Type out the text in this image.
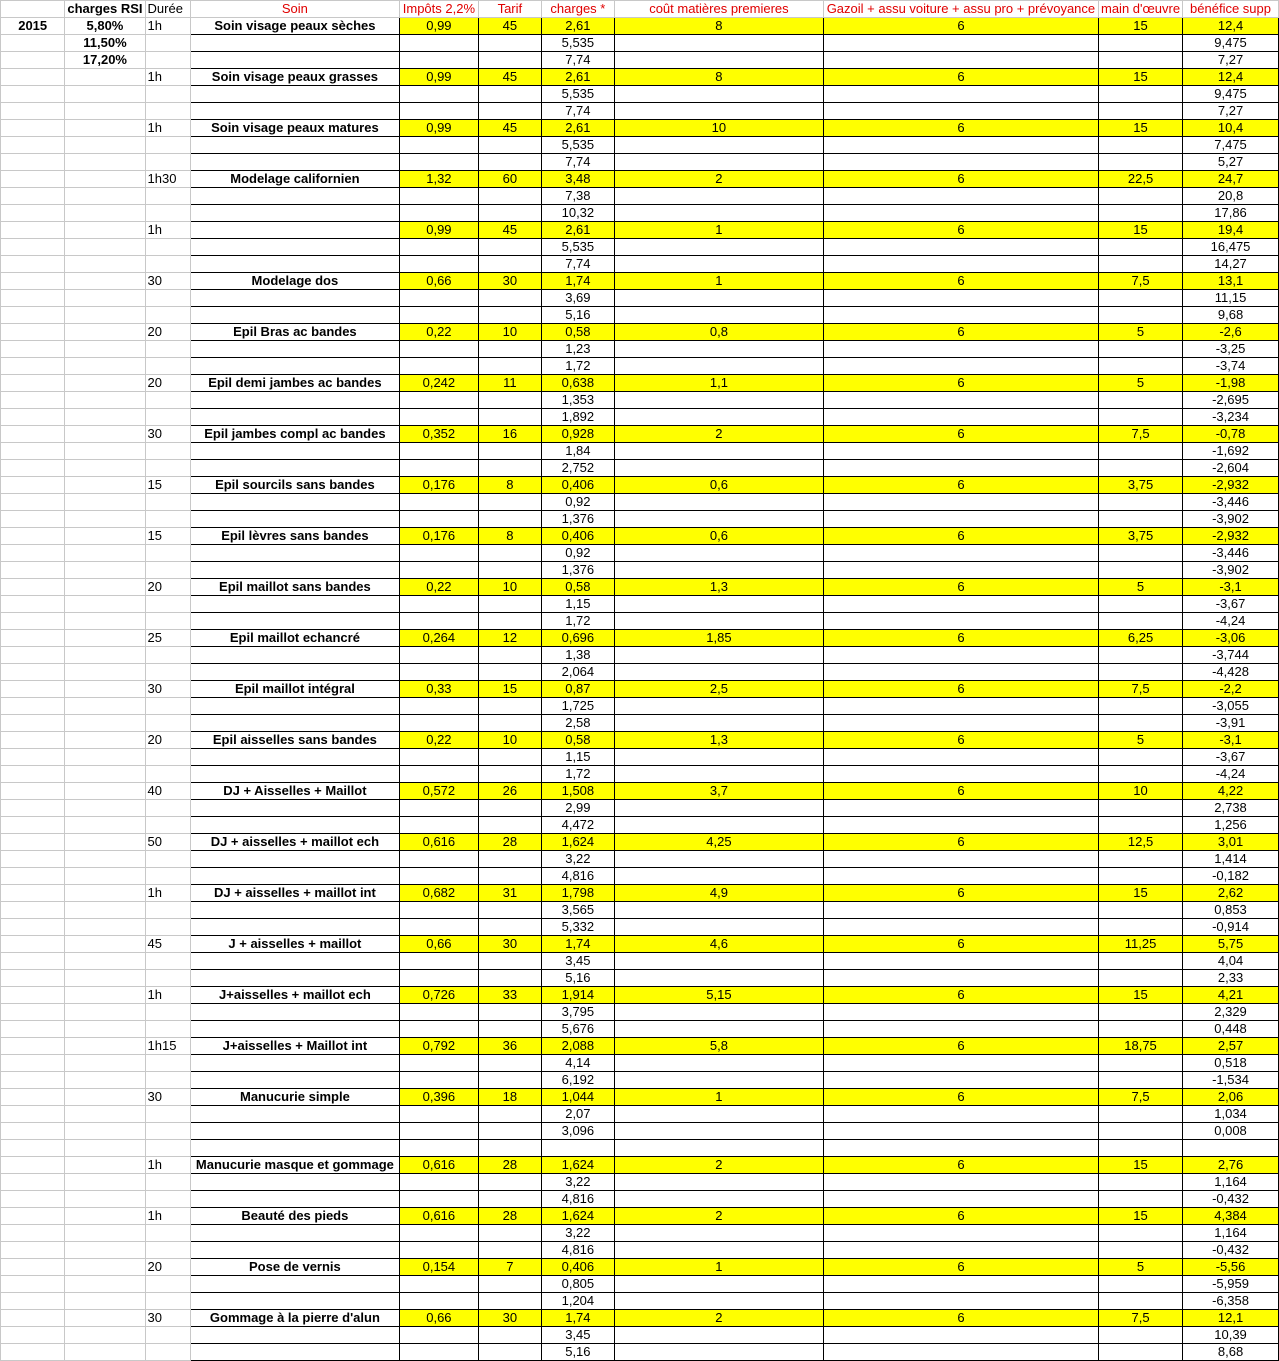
	charges RSI	Durée	Soin	Impôts 2,2%	Tarif	charges *	coût matières premieres	Gazoil + assu voiture + assu pro + prévoyance	main d'œuvre	bénéfice supp
2015	5,80%	1h	Soin visage peaux sèches	0,99	45	2,61	8	6	15	12,4
	11,50%					5,535				9,475
	17,20%					7,74				7,27
		1h	Soin visage peaux grasses	0,99	45	2,61	8	6	15	12,4
						5,535				9,475
						7,74				7,27
		1h	Soin visage peaux matures	0,99	45	2,61	10	6	15	10,4
						5,535				7,475
						7,74				5,27
		1h30	Modelage californien	1,32	60	3,48	2	6	22,5	24,7
						7,38				20,8
						10,32				17,86
		1h		0,99	45	2,61	1	6	15	19,4
						5,535				16,475
						7,74				14,27
		30	Modelage dos	0,66	30	1,74	1	6	7,5	13,1
						3,69				11,15
						5,16				9,68
		20	Epil Bras ac bandes	0,22	10	0,58	0,8	6	5	-2,6
						1,23				-3,25
						1,72				-3,74
		20	Epil demi jambes ac bandes	0,242	11	0,638	1,1	6	5	-1,98
						1,353				-2,695
						1,892				-3,234
		30	Epil jambes compl ac bandes	0,352	16	0,928	2	6	7,5	-0,78
						1,84				-1,692
						2,752				-2,604
		15	Epil sourcils sans bandes	0,176	8	0,406	0,6	6	3,75	-2,932
						0,92				-3,446
						1,376				-3,902
		15	Epil lèvres sans bandes	0,176	8	0,406	0,6	6	3,75	-2,932
						0,92				-3,446
						1,376				-3,902
		20	Epil maillot sans bandes	0,22	10	0,58	1,3	6	5	-3,1
						1,15				-3,67
						1,72				-4,24
		25	Epil maillot echancré	0,264	12	0,696	1,85	6	6,25	-3,06
						1,38				-3,744
						2,064				-4,428
		30	Epil maillot intégral	0,33	15	0,87	2,5	6	7,5	-2,2
						1,725				-3,055
						2,58				-3,91
		20	Epil aisselles sans bandes	0,22	10	0,58	1,3	6	5	-3,1
						1,15				-3,67
						1,72				-4,24
		40	DJ + Aisselles + Maillot	0,572	26	1,508	3,7	6	10	4,22
						2,99				2,738
						4,472				1,256
		50	DJ + aisselles + maillot ech	0,616	28	1,624	4,25	6	12,5	3,01
						3,22				1,414
						4,816				-0,182
		1h	DJ + aisselles + maillot int	0,682	31	1,798	4,9	6	15	2,62
						3,565				0,853
						5,332				-0,914
		45	J + aisselles + maillot	0,66	30	1,74	4,6	6	11,25	5,75
						3,45				4,04
						5,16				2,33
		1h	J+aisselles + maillot ech	0,726	33	1,914	5,15	6	15	4,21
						3,795				2,329
						5,676				0,448
		1h15	J+aisselles + Maillot int	0,792	36	2,088	5,8	6	18,75	2,57
						4,14				0,518
						6,192				-1,534
		30	Manucurie simple	0,396	18	1,044	1	6	7,5	2,06
						2,07				1,034
						3,096				0,008

		1h	Manucurie masque et gommage	0,616	28	1,624	2	6	15	2,76
						3,22				1,164
						4,816				-0,432
		1h	Beauté des pieds	0,616	28	1,624	2	6	15	4,384
						3,22				1,164
						4,816				-0,432
		20	Pose de vernis	0,154	7	0,406	1	6	5	-5,56
						0,805				-5,959
						1,204				-6,358
		30	Gommage à la pierre d'alun	0,66	30	1,74	2	6	7,5	12,1
						3,45				10,39
						5,16				8,68
